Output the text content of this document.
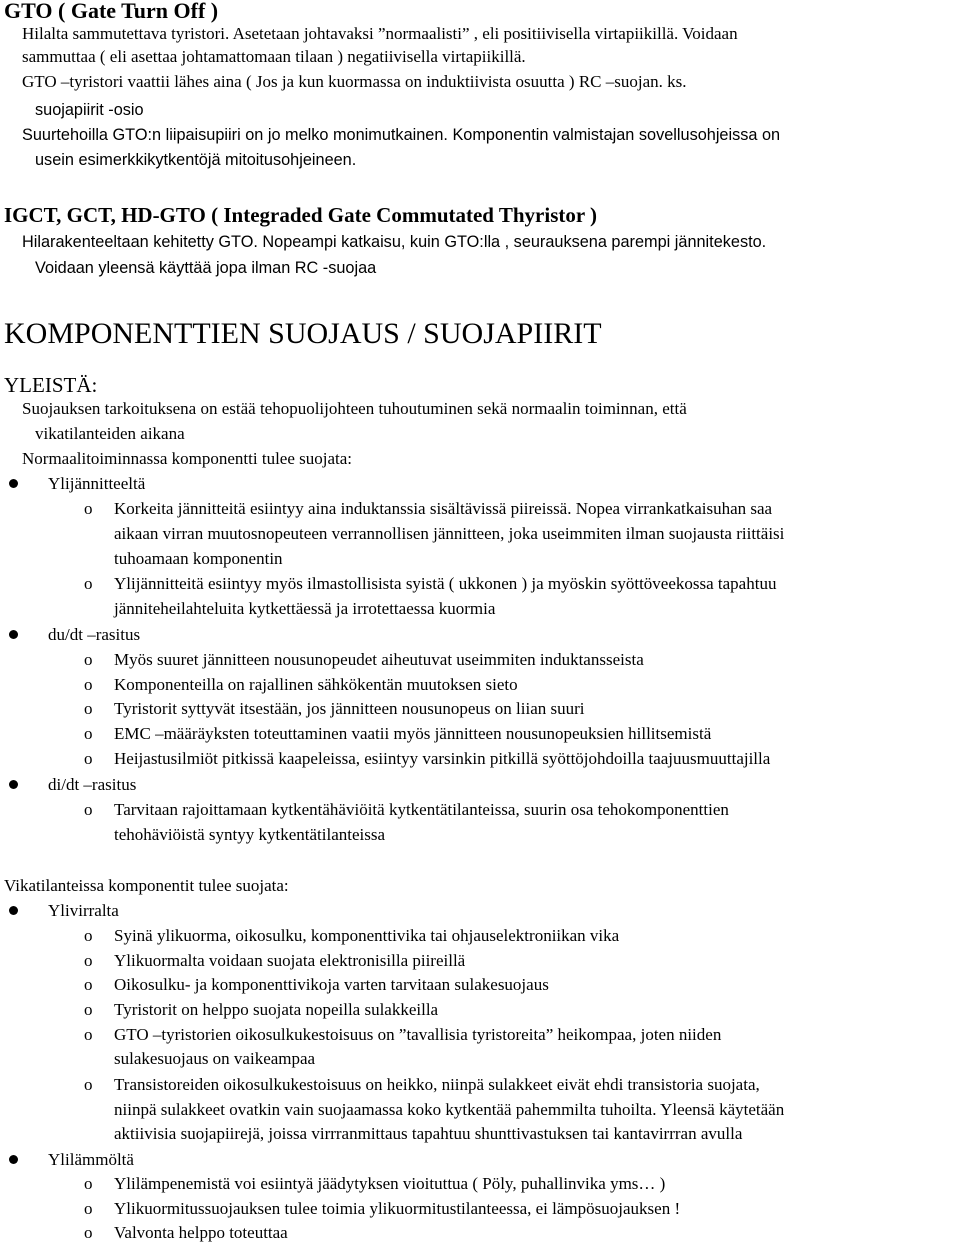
GTO ( Gate Turn Off )
Hilalta sammutettava tyristori. Asetetaan johtavaksi ”normaalisti” , eli positiivisella virtapiikillä. Voidaan
sammuttaa ( eli asettaa johtamattomaan tilaan ) negatiivisella virtapiikillä.
GTO –tyristori vaattii lähes aina ( Jos ja kun kuormassa on induktiivista osuutta ) RC –suojan. ks.
suojapiirit -osio
Suurtehoilla GTO:n liipaisupiiri on jo melko monimutkainen. Komponentin valmistajan sovellusohjeissa on
usein esimerkkikytkentöjä mitoitusohjeineen.
IGCT, GCT, HD-GTO ( Integraded Gate Commutated Thyristor )
Hilarakenteeltaan kehitetty GTO. Nopeampi katkaisu, kuin GTO:lla , seurauksena parempi jännitekesto.
Voidaan yleensä käyttää jopa ilman RC -suojaa
KOMPONENTTIEN SUOJAUS / SUOJAPIIRIT
YLEISTÄ:
Suojauksen tarkoituksena on estää tehopuolijohteen tuhoutuminen sekä normaalin toiminnan, että
vikatilanteiden aikana
Normaalitoiminnassa komponentti tulee suojata:
Ylijännitteeltä
o Korkeita jännitteitä esiintyy aina induktanssia sisältävissä piireissä. Nopea virrankatkaisuhan saa
aikaan virran muutosnopeuteen verrannollisen jännitteen, joka useimmiten ilman suojausta riittäisi
tuhoamaan komponentin
o Ylijännitteitä esiintyy myös ilmastollisista syistä ( ukkonen ) ja myöskin syöttöveekossa tapahtuu
jänniteheilahteluita kytkettäessä ja irrotettaessa kuormia
du/dt –rasitus
o Myös suuret jännitteen nousunopeudet aiheutuvat useimmiten induktansseista
o Komponenteilla on rajallinen sähkökentän muutoksen sieto
o Tyristorit syttyvät itsestään, jos jännitteen nousunopeus on liian suuri
o EMC –määräyksten toteuttaminen vaatii myös jännitteen nousunopeuksien hillitsemistä
o Heijastusilmiöt pitkissä kaapeleissa, esiintyy varsinkin pitkillä syöttöjohdoilla taajuusmuuttajilla
di/dt –rasitus
o Tarvitaan rajoittamaan kytkentähäviöitä kytkentätilanteissa, suurin osa tehokomponenttien
tehohäviöistä syntyy kytkentätilanteissa
Vikatilanteissa komponentit tulee suojata:
Ylivirralta
o Syinä ylikuorma, oikosulku, komponenttivika tai ohjauselektroniikan vika
o Ylikuormalta voidaan suojata elektronisilla piireillä
o Oikosulku- ja komponenttivikoja varten tarvitaan sulakesuojaus
o Tyristorit on helppo suojata nopeilla sulakkeilla
o GTO –tyristorien oikosulkukestoisuus on ”tavallisia tyristoreita” heikompaa, joten niiden
sulakesuojaus on vaikeampaa
o Transistoreiden oikosulkukestoisuus on heikko, niinpä sulakkeet eivät ehdi transistoria suojata,
niinpä sulakkeet ovatkin vain suojaamassa koko kytkentää pahemmilta tuhoilta. Yleensä käytetään
aktiivisia suojapiirejä, joissa virrranmittaus tapahtuu shunttivastuksen tai kantavirrran avulla
Ylilämmöltä
o Ylilämpenemistä voi esiintyä jäädytyksen vioituttua ( Pöly, puhallinvika yms… )
o Ylikuormitussuojauksen tulee toimia ylikuormitustilanteessa, ei lämpösuojauksen !
o Valvonta helppo toteuttaa
